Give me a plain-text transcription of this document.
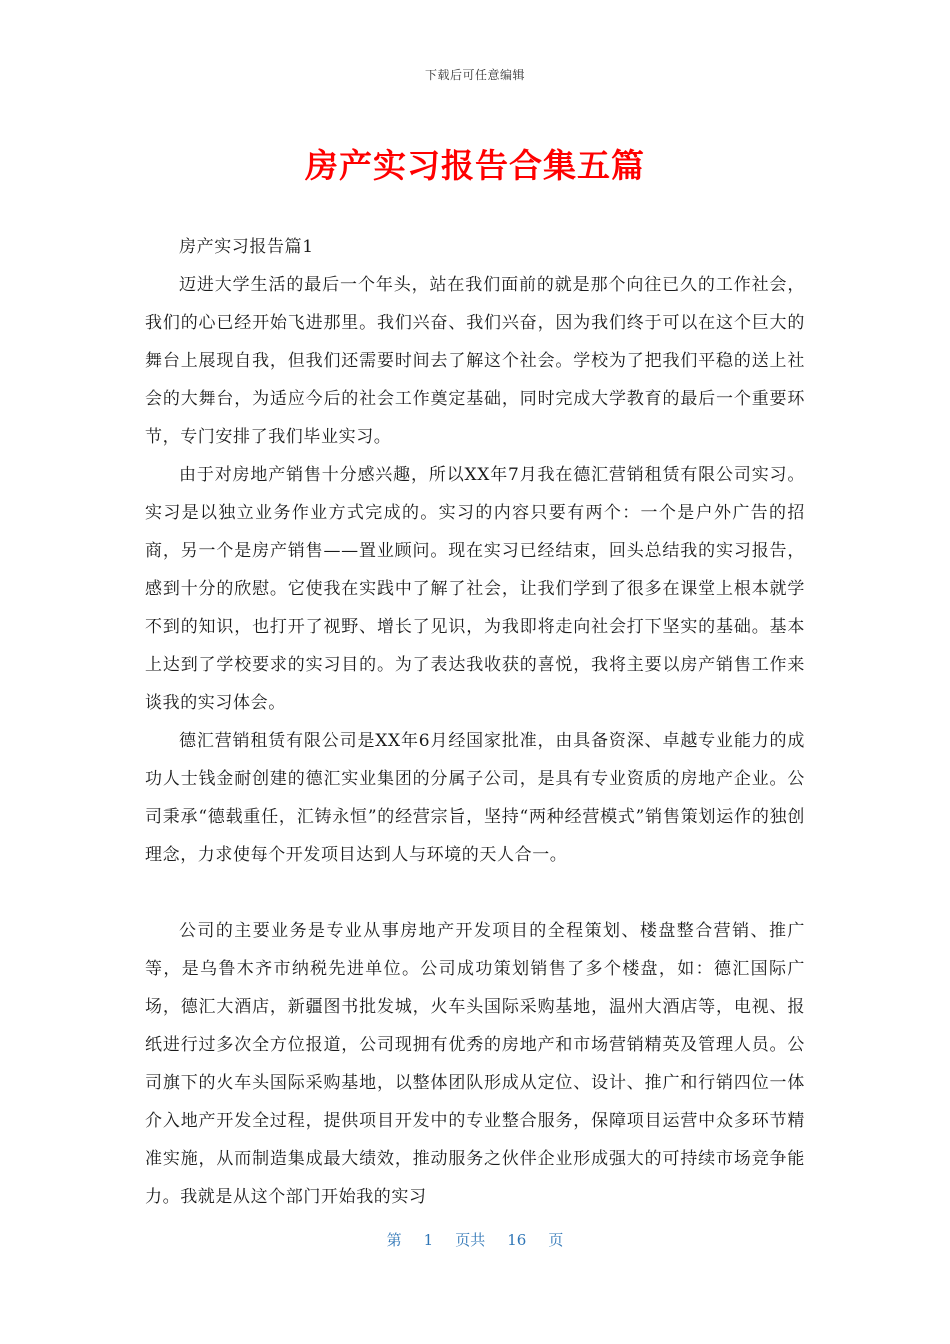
下载后可任意编辑
房产实习报告合集五篇

房产实习报告篇1

迈进大学生活的最后一个年头，站在我们面前的就是那个向往已久的工作社会，我们的心已经开始飞进那里。我们兴奋、我们兴奋，因为我们终于可以在这个巨大的舞台上展现自我，但我们还需要时间去了解这个社会。学校为了把我们平稳的送上社会的大舞台，为适应今后的社会工作奠定基础，同时完成大学教育的最后一个重要环节，专门安排了我们毕业实习。

由于对房地产销售十分感兴趣，所以XX年7月我在德汇营销租赁有限公司实习。实习是以独立业务作业方式完成的。实习的内容只要有两个：一个是户外广告的招商，另一个是房产销售——置业顾问。现在实习已经结束，回头总结我的实习报告，感到十分的欣慰。它使我在实践中了解了社会，让我们学到了很多在课堂上根本就学不到的知识，也打开了视野、增长了见识，为我即将走向社会打下坚实的基础。基本上达到了学校要求的实习目的。为了表达我收获的喜悦，我将主要以房产销售工作来谈我的实习体会。

德汇营销租赁有限公司是XX年6月经国家批准，由具备资深、卓越专业能力的成功人士钱金耐创建的德汇实业集团的分属子公司，是具有专业资质的房地产企业。公司秉承“德载重任，汇铸永恒”的经营宗旨，坚持“两种经营模式”销售策划运作的独创理念，力求使每个开发项目达到人与环境的天人合一。

公司的主要业务是专业从事房地产开发项目的全程策划、楼盘整合营销、推广等，是乌鲁木齐市纳税先进单位。公司成功策划销售了多个楼盘，如：德汇国际广场，德汇大酒店，新疆图书批发城，火车头国际采购基地，温州大酒店等，电视、报纸进行过多次全方位报道，公司现拥有优秀的房地产和市场营销精英及管理人员。公司旗下的火车头国际采购基地，以整体团队形成从定位、设计、推广和行销四位一体介入地产开发全过程，提供项目开发中的专业整合服务，保障项目运营中众多环节精准实施，从而制造集成最大绩效，推动服务之伙伴企业形成强大的可持续市场竞争能力。我就是从这个部门开始我的实习

第 1 页共 16 页
